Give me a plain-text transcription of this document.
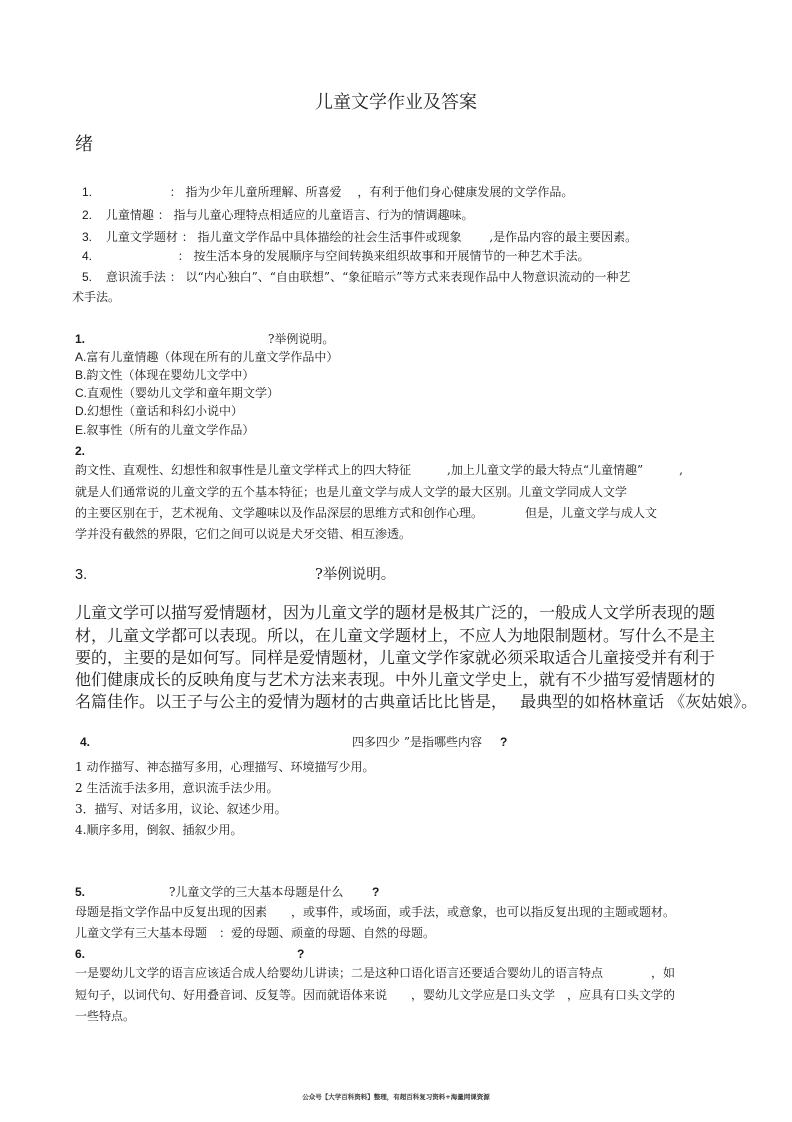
儿童文学作业及答案
绪
1.	： 指为少年儿童所理解、所喜爱　 ，有利于他们身心健康发展的文学作品。
2. 儿童情趣 ： 指与儿童心理特点相适应的儿童语言、行为的情调趣味。
3. 儿童文学题材 ： 指儿童文学作品中具体描绘的社会生活事件或现象　　 ,是作品内容的最主要因素。
4.	： 按生活本身的发展顺序与空间转换来组织故事和开展情节的一种艺术手法。
5. 意识流手法 ： 以“内心独白”、“自由联想”、“象征暗示”等方式来表现作品中人物意识流动的一种艺
术手法。
1.	?举例说明。
A.富有儿童情趣（体现在所有的儿童文学作品中）
B.韵文性（体现在婴幼儿文学中）
C.直观性（婴幼儿文学和童年期文学）
D.幻想性（童话和科幻小说中）
E.叙事性（所有的儿童文学作品）
2.
韵文性、直观性、幻想性和叙事性是儿童文学样式上的四大特征　　　,加上儿童文学的最大特点“儿童情趣”　　　,
就是人们通常说的儿童文学的五个基本特征；也是儿童文学与成人文学的最大区别。儿童文学同成人文学
的主要区别在于，艺术视角、文学趣味以及作品深层的思维方式和创作心理。　　　　但是，儿童文学与成人文
学并没有截然的界限，它们之间可以说是犬牙交错、相互渗透。
3.	?举例说明。
儿童文学可以描写爱情题材，因为儿童文学的题材是极其广泛的，一般成人文学所表现的题
材，儿童文学都可以表现。所以，在儿童文学题材上，不应人为地限制题材。写什么不是主
要的，主要的是如何写。同样是爱情题材，儿童文学作家就必须采取适合儿童接受并有利于
他们健康成长的反映角度与艺术方法来表现。中外儿童文学史上，就有不少描写爱情题材的
名篇佳作。以王子与公主的爱情为题材的古典童话比比皆是，　 最典型的如格林童话 《灰姑娘》。
4.	四多四少 ”是指哪些内容 ?
1 动作描写、神态描写多用，心理描写、环境描写少用。
2 生活流手法多用，意识流手法少用。
3．描写、对话多用，议论、叙述少用。
4.顺序多用，倒叙、插叙少用。
5.	?儿童文学的三大基本母题是什么 ?
母题是指文学作品中反复出现的因素　　，或事件，或场面，或手法，或意象，也可以指反复出现的主题或题材。
儿童文学有三大基本母题　：爱的母题、顽童的母题、自然的母题。
6.	?
一是婴幼儿文学的语言应该适合成人给婴幼儿讲读；二是这种口语化语言还要适合婴幼儿的语言特点　　　　，如
短句子，以词代句、好用叠音词、反复等。因而就语体来说　　，婴幼儿文学应是口头文学　，应具有口头文学的
一些特点。
公众号【大学百科资料】整理，有超百科复习资料+海量网课资源
